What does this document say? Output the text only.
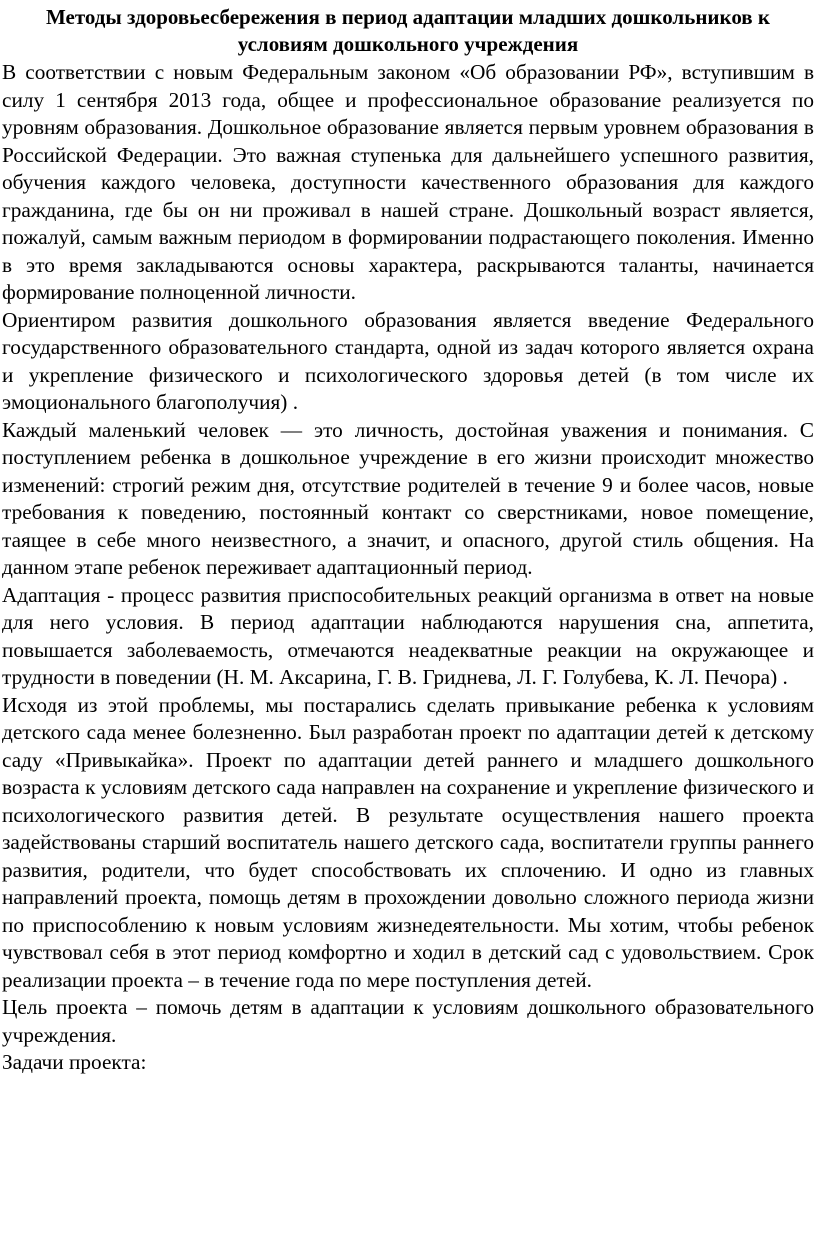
Методы здоровьесбережения в период адаптации младших дошкольников к условиям дошкольного учреждения

В соответствии с новым Федеральным законом «Об образовании РФ», вступившим в силу 1 сентября 2013 года, общее и профессиональное образование реализуется по уровням образования. Дошкольное образование является первым уровнем образования в Российской Федерации. Это важная ступенька для дальнейшего успешного развития, обучения каждого человека, доступности качественного образования для каждого гражданина, где бы он ни проживал в нашей стране. Дошкольный возраст является, пожалуй, самым важным периодом в формировании подрастающего поколения. Именно в это время закладываются основы характера, раскрываются таланты, начинается формирование полноценной личности.

Ориентиром развития дошкольного образования является введение Федерального государственного образовательного стандарта, одной из задач которого является охрана и укрепление физического и психологического здоровья детей (в том числе их эмоционального благополучия) .

Каждый маленький человек — это личность, достойная уважения и понимания. С поступлением ребенка в дошкольное учреждение в его жизни происходит множество изменений: строгий режим дня, отсутствие родителей в течение 9 и более часов, новые требования к поведению, постоянный контакт со сверстниками, новое помещение, таящее в себе много неизвестного, а значит, и опасного, другой стиль общения. На данном этапе ребенок переживает адаптационный период.

Адаптация - процесс развития приспособительных реакций организма в ответ на новые для него условия. В период адаптации наблюдаются нарушения сна, аппетита, повышается заболеваемость, отмечаются неадекватные реакции на окружающее и трудности в поведении (Н. М. Аксарина, Г. В. Гриднева, Л. Г. Голубева, К. Л. Печора) .

Исходя из этой проблемы, мы постарались сделать привыкание ребенка к условиям детского сада менее болезненно. Был разработан проект по адаптации детей к детскому саду «Привыкайка». Проект по адаптации детей раннего и младшего дошкольного возраста к условиям детского сада направлен на сохранение и укрепление физического и психологического развития детей. В результате осуществления нашего проекта задействованы старший воспитатель нашего детского сада, воспитатели группы раннего развития, родители, что будет способствовать их сплочению. И одно из главных направлений проекта, помощь детям в прохождении довольно сложного периода жизни по приспособлению к новым условиям жизнедеятельности. Мы хотим, чтобы ребенок чувствовал себя в этот период комфортно и ходил в детский сад с удовольствием. Срок реализации проекта – в течение года по мере поступления детей.

Цель проекта – помочь детям в адаптации к условиям дошкольного образовательного учреждения.

Задачи проекта:
